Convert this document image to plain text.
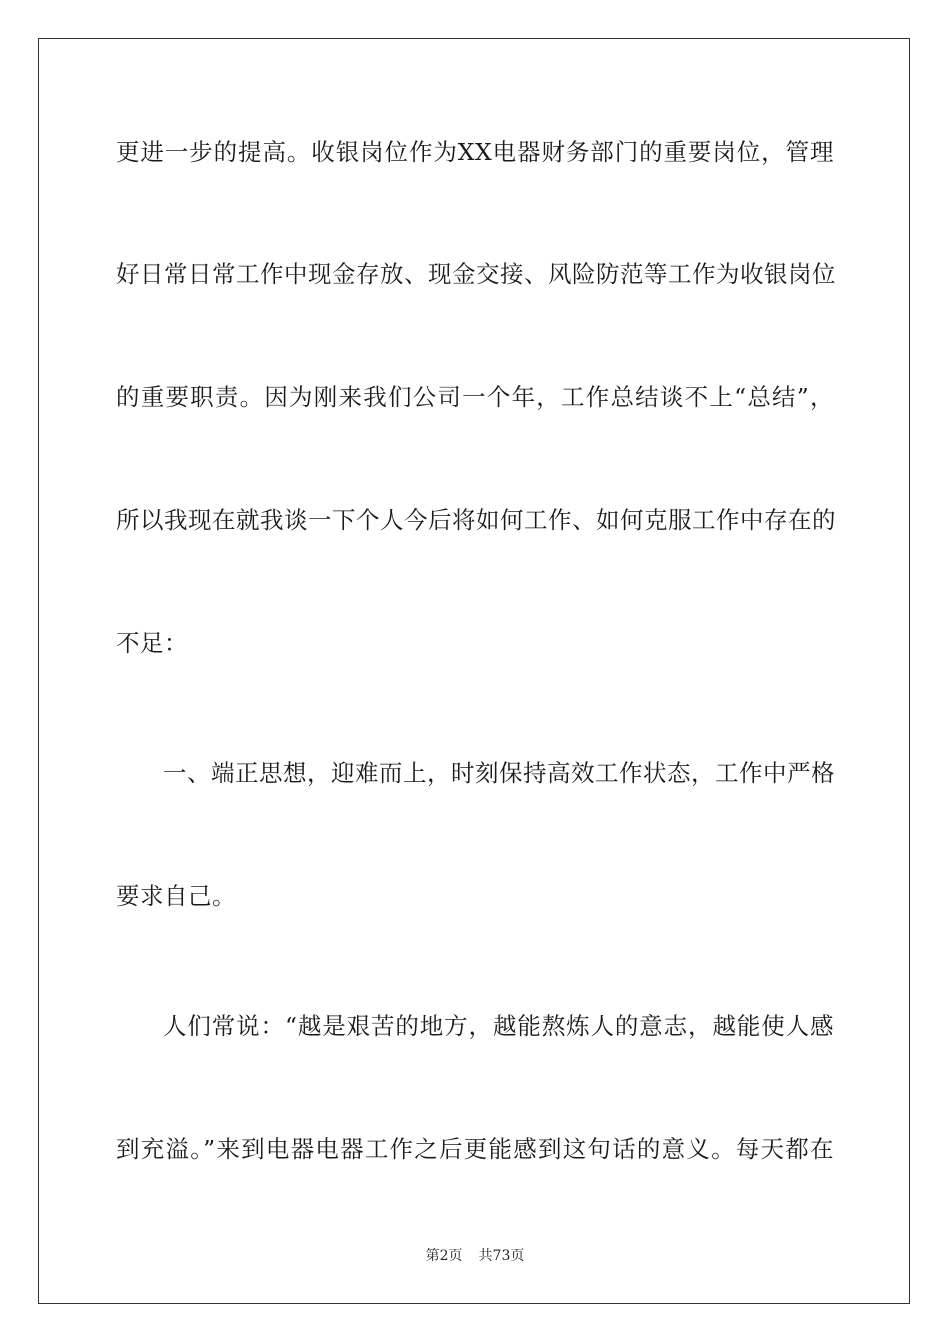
更进一步的提高。收银岗位作为XX电器财务部门的重要岗位，管理
好日常日常工作中现金存放、现金交接、风险防范等工作为收银岗位
的重要职责。因为刚来我们公司一个年，工作总结谈不上“总结”，
所以我现在就我谈一下个人今后将如何工作、如何克服工作中存在的
不足：
一、端正思想，迎难而上，时刻保持高效工作状态，工作中严格
要求自己。
人们常说：“越是艰苦的地方，越能熬炼人的意志，越能使人感
到充溢。”来到电器电器工作之后更能感到这句话的意义。每天都在
第2页 共73页
